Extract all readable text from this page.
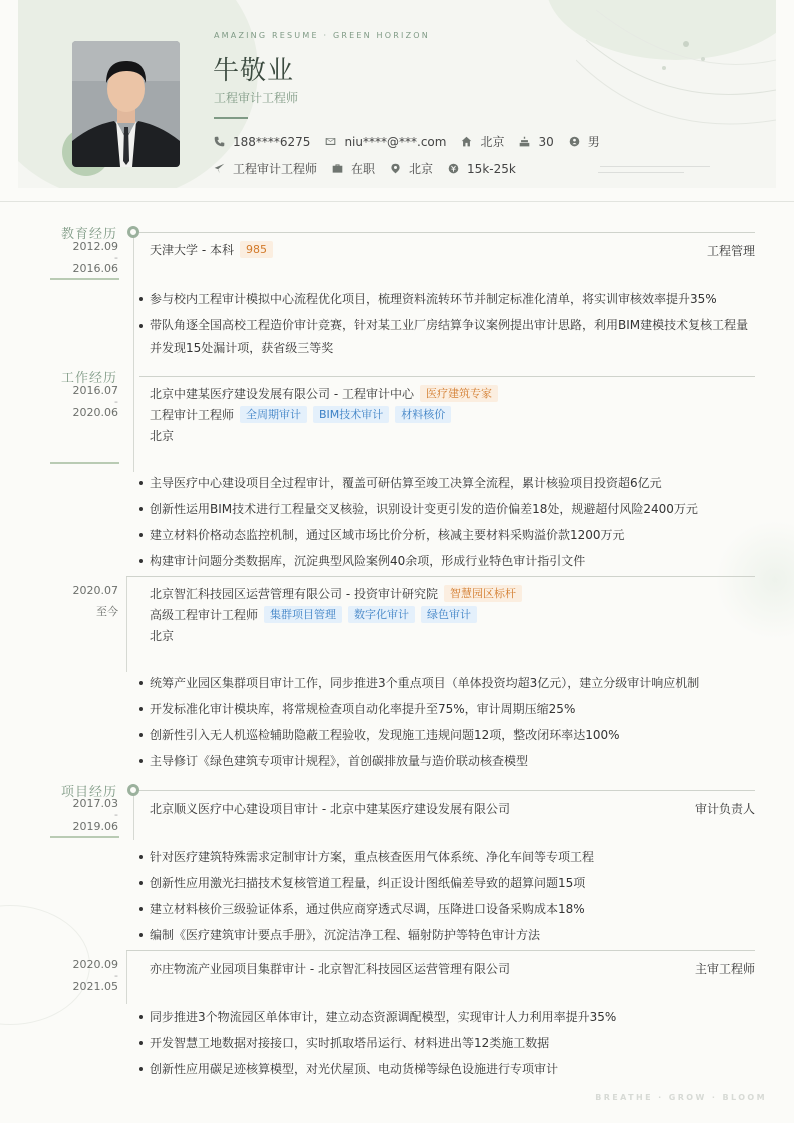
AMAZING RESUME · GREEN HORIZON
牛敬业
工程审计工程师
188****6275	niu****@***.com	北京	30	男
工程审计工程师	在职	北京	15k-25k
教育经历
2012.09
-
2016.06
天津大学 - 本科	985	工程管理
参与校内工程审计模拟中心流程优化项目，梳理资料流转环节并制定标准化清单，将实训审核效率提升35%
带队角逐全国高校工程造价审计竞赛，针对某工业厂房结算争议案例提出审计思路，利用BIM建模技术复核工程量并发现15处漏计项，获省级三等奖
工作经历
2016.07
-
2020.06
北京中建某医疗建设发展有限公司 - 工程审计中心	医疗建筑专家
工程审计工程师	全周期审计	BIM技术审计	材料核价
北京
主导医疗中心建设项目全过程审计，覆盖可研估算至竣工决算全流程，累计核验项目投资超6亿元
创新性运用BIM技术进行工程量交叉核验，识别设计变更引发的造价偏差18处，规避超付风险2400万元
建立材料价格动态监控机制，通过区域市场比价分析，核减主要材料采购溢价款1200万元
构建审计问题分类数据库，沉淀典型风险案例40余项，形成行业特色审计指引文件
2020.07
至今
北京智汇科技园区运营管理有限公司 - 投资审计研究院	智慧园区标杆
高级工程审计工程师	集群项目管理	数字化审计	绿色审计
北京
统筹产业园区集群项目审计工作，同步推进3个重点项目（单体投资均超3亿元），建立分级审计响应机制
开发标准化审计模块库，将常规检查项自动化率提升至75%，审计周期压缩25%
创新性引入无人机巡检辅助隐蔽工程验收，发现施工违规问题12项，整改闭环率达100%
主导修订《绿色建筑专项审计规程》，首创碳排放量与造价联动核查模型
项目经历
2017.03
-
2019.06
北京顺义医疗中心建设项目审计 - 北京中建某医疗建设发展有限公司	审计负责人
针对医疗建筑特殊需求定制审计方案，重点核查医用气体系统、净化车间等专项工程
创新性应用激光扫描技术复核管道工程量，纠正设计图纸偏差导致的超算问题15项
建立材料核价三级验证体系，通过供应商穿透式尽调，压降进口设备采购成本18%
编制《医疗建筑审计要点手册》，沉淀洁净工程、辐射防护等特色审计方法
2020.09
-
2021.05
亦庄物流产业园项目集群审计 - 北京智汇科技园区运营管理有限公司	主审工程师
同步推进3个物流园区单体审计，建立动态资源调配模型，实现审计人力利用率提升35%
开发智慧工地数据对接接口，实时抓取塔吊运行、材料进出等12类施工数据
创新性应用碳足迹核算模型，对光伏屋顶、电动货梯等绿色设施进行专项审计
BREATHE · GROW · BLOOM
